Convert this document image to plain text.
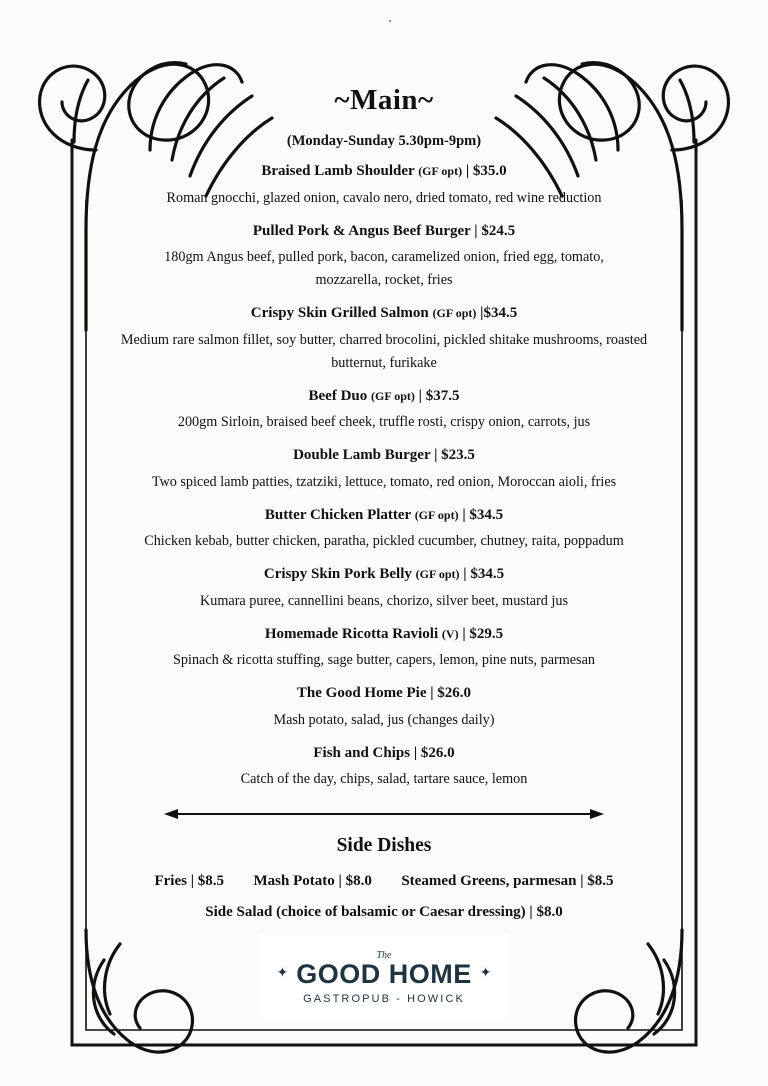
~Main~
(Monday-Sunday 5.30pm-9pm)
Braised Lamb Shoulder (GF opt) | $35.0
Roman gnocchi, glazed onion, cavalo nero, dried tomato, red wine reduction
Pulled Pork & Angus Beef Burger | $24.5
180gm Angus beef, pulled pork, bacon, caramelized onion, fried egg, tomato, mozzarella, rocket, fries
Crispy Skin Grilled Salmon (GF opt) |$34.5
Medium rare salmon fillet, soy butter, charred brocolini, pickled shitake mushrooms, roasted butternut, furikake
Beef Duo (GF opt) | $37.5
200gm Sirloin, braised beef cheek, truffle rosti, crispy onion, carrots, jus
Double Lamb Burger | $23.5
Two spiced lamb patties, tzatziki, lettuce, tomato, red onion, Moroccan aioli, fries
Butter Chicken Platter (GF opt) | $34.5
Chicken kebab, butter chicken, paratha, pickled cucumber, chutney, raita, poppadum
Crispy Skin Pork Belly (GF opt) | $34.5
Kumara puree, cannellini beans, chorizo, silver beet, mustard jus
Homemade Ricotta Ravioli (V) | $29.5
Spinach & ricotta stuffing, sage butter, capers, lemon, pine nuts, parmesan
The Good Home Pie | $26.0
Mash potato, salad, jus (changes daily)
Fish and Chips | $26.0
Catch of the day, chips, salad, tartare sauce, lemon
Side Dishes
Fries | $8.5 Mash Potato | $8.0 Steamed Greens, parmesan | $8.5
Side Salad (choice of balsamic or Caesar dressing) | $8.0
The
✦ GOOD HOME ✦
GASTROPUB - HOWICK
